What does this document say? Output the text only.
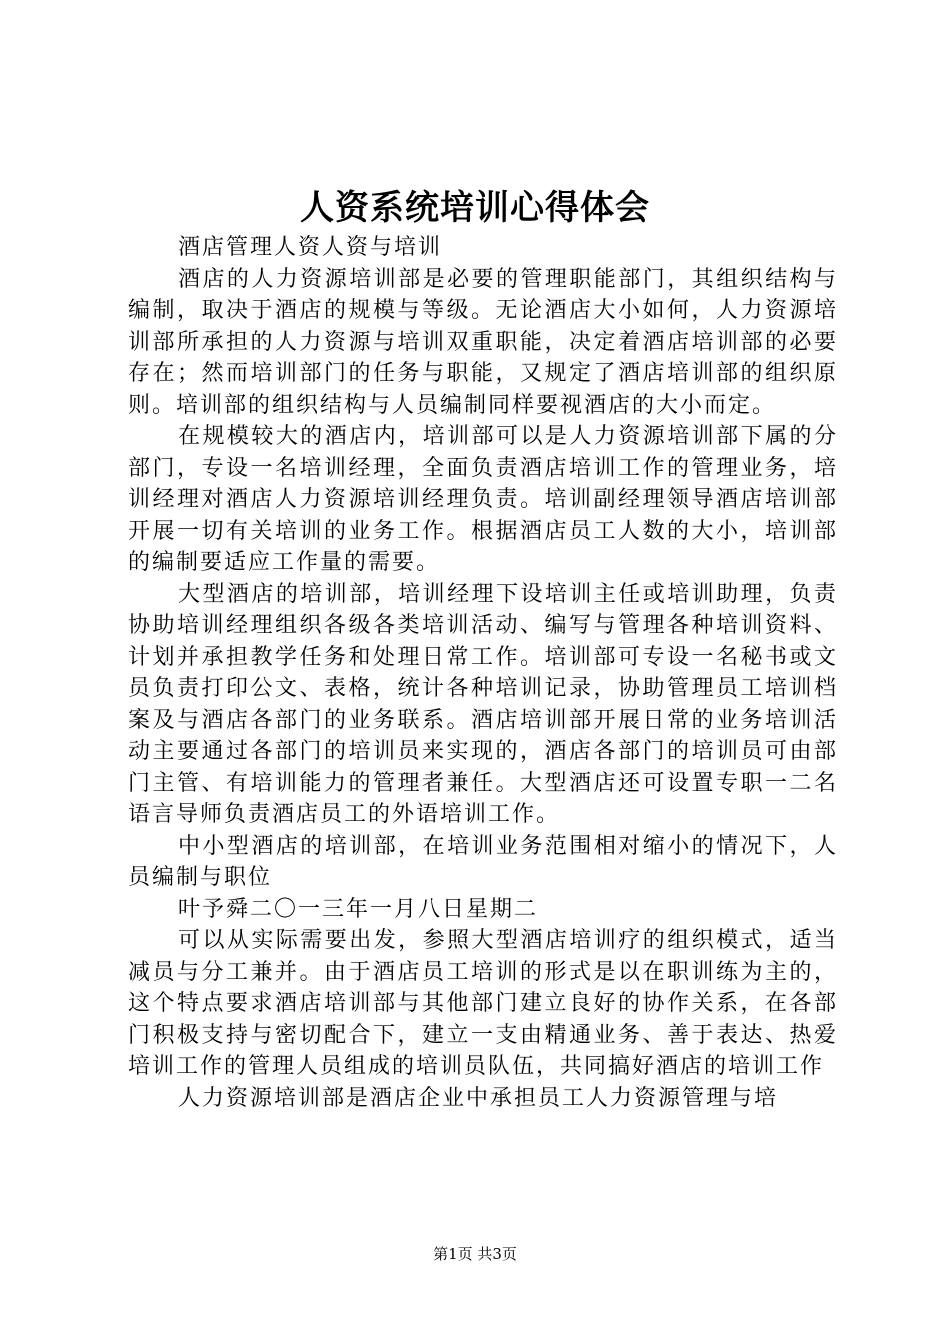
人资系统培训心得体会

酒店管理人资人资与培训

酒店的人力资源培训部是必要的管理职能部门，其组织结构与编制，取决于酒店的规模与等级。无论酒店大小如何，人力资源培训部所承担的人力资源与培训双重职能，决定着酒店培训部的必要存在；然而培训部门的任务与职能，又规定了酒店培训部的组织原则。培训部的组织结构与人员编制同样要视酒店的大小而定。

在规模较大的酒店内，培训部可以是人力资源培训部下属的分部门，专设一名培训经理，全面负责酒店培训工作的管理业务，培训经理对酒店人力资源培训经理负责。培训副经理领导酒店培训部开展一切有关培训的业务工作。根据酒店员工人数的大小，培训部的编制要适应工作量的需要。

大型酒店的培训部，培训经理下设培训主任或培训助理，负责协助培训经理组织各级各类培训活动、编写与管理各种培训资料、计划并承担教学任务和处理日常工作。培训部可专设一名秘书或文员负责打印公文、表格，统计各种培训记录，协助管理员工培训档案及与酒店各部门的业务联系。酒店培训部开展日常的业务培训活动主要通过各部门的培训员来实现的，酒店各部门的培训员可由部门主管、有培训能力的管理者兼任。大型酒店还可设置专职一二名语言导师负责酒店员工的外语培训工作。

中小型酒店的培训部，在培训业务范围相对缩小的情况下，人员编制与职位

叶予舜二〇一三年一月八日星期二

可以从实际需要出发，参照大型酒店培训疗的组织模式，适当减员与分工兼并。由于酒店员工培训的形式是以在职训练为主的，这个特点要求酒店培训部与其他部门建立良好的协作关系，在各部门积极支持与密切配合下，建立一支由精通业务、善于表达、热爱培训工作的管理人员组成的培训员队伍，共同搞好酒店的培训工作

人力资源培训部是酒店企业中承担员工人力资源管理与培

第1页 共3页
